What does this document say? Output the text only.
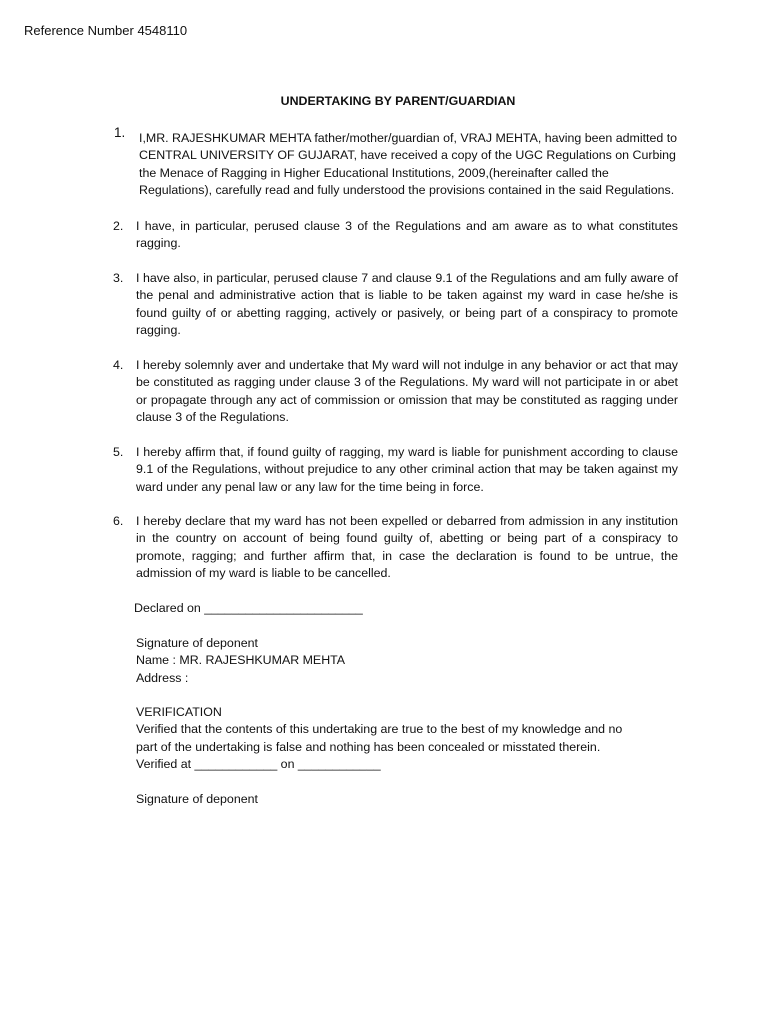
Reference Number 4548110
UNDERTAKING BY PARENT/GUARDIAN
1. I,MR. RAJESHKUMAR MEHTA father/mother/guardian of, VRAJ MEHTA, having been admitted to CENTRAL UNIVERSITY OF GUJARAT, have received a copy of the UGC Regulations on Curbing the Menace of Ragging in Higher Educational Institutions, 2009,(hereinafter called the Regulations), carefully read and fully understood the provisions contained in the said Regulations.
2. I have, in particular, perused clause 3 of the Regulations and am aware as to what constitutes ragging.
3. I have also, in particular, perused clause 7 and clause 9.1 of the Regulations and am fully aware of the penal and administrative action that is liable to be taken against my ward in case he/she is found guilty of or abetting ragging, actively or pasively, or being part of a conspiracy to promote ragging.
4. I hereby solemnly aver and undertake that My ward will not indulge in any behavior or act that may be constituted as ragging under clause 3 of the Regulations. My ward will not participate in or abet or propagate through any act of commission or omission that may be constituted as ragging under clause 3 of the Regulations.
5. I hereby affirm that, if found guilty of ragging, my ward is liable for punishment according to clause 9.1 of the Regulations, without prejudice to any other criminal action that may be taken against my ward under any penal law or any law for the time being in force.
6. I hereby declare that my ward has not been expelled or debarred from admission in any institution in the country on account of being found guilty of, abetting or being part of a conspiracy to promote, ragging; and further affirm that, in case the declaration is found to be untrue, the admission of my ward is liable to be cancelled.
Declared on _______________________
Signature of deponent
Name : MR. RAJESHKUMAR MEHTA
Address :
VERIFICATION
Verified that the contents of this undertaking are true to the best of my knowledge and no
part of the undertaking is false and nothing has been concealed or misstated therein.
Verified at ____________ on ____________
Signature of deponent
